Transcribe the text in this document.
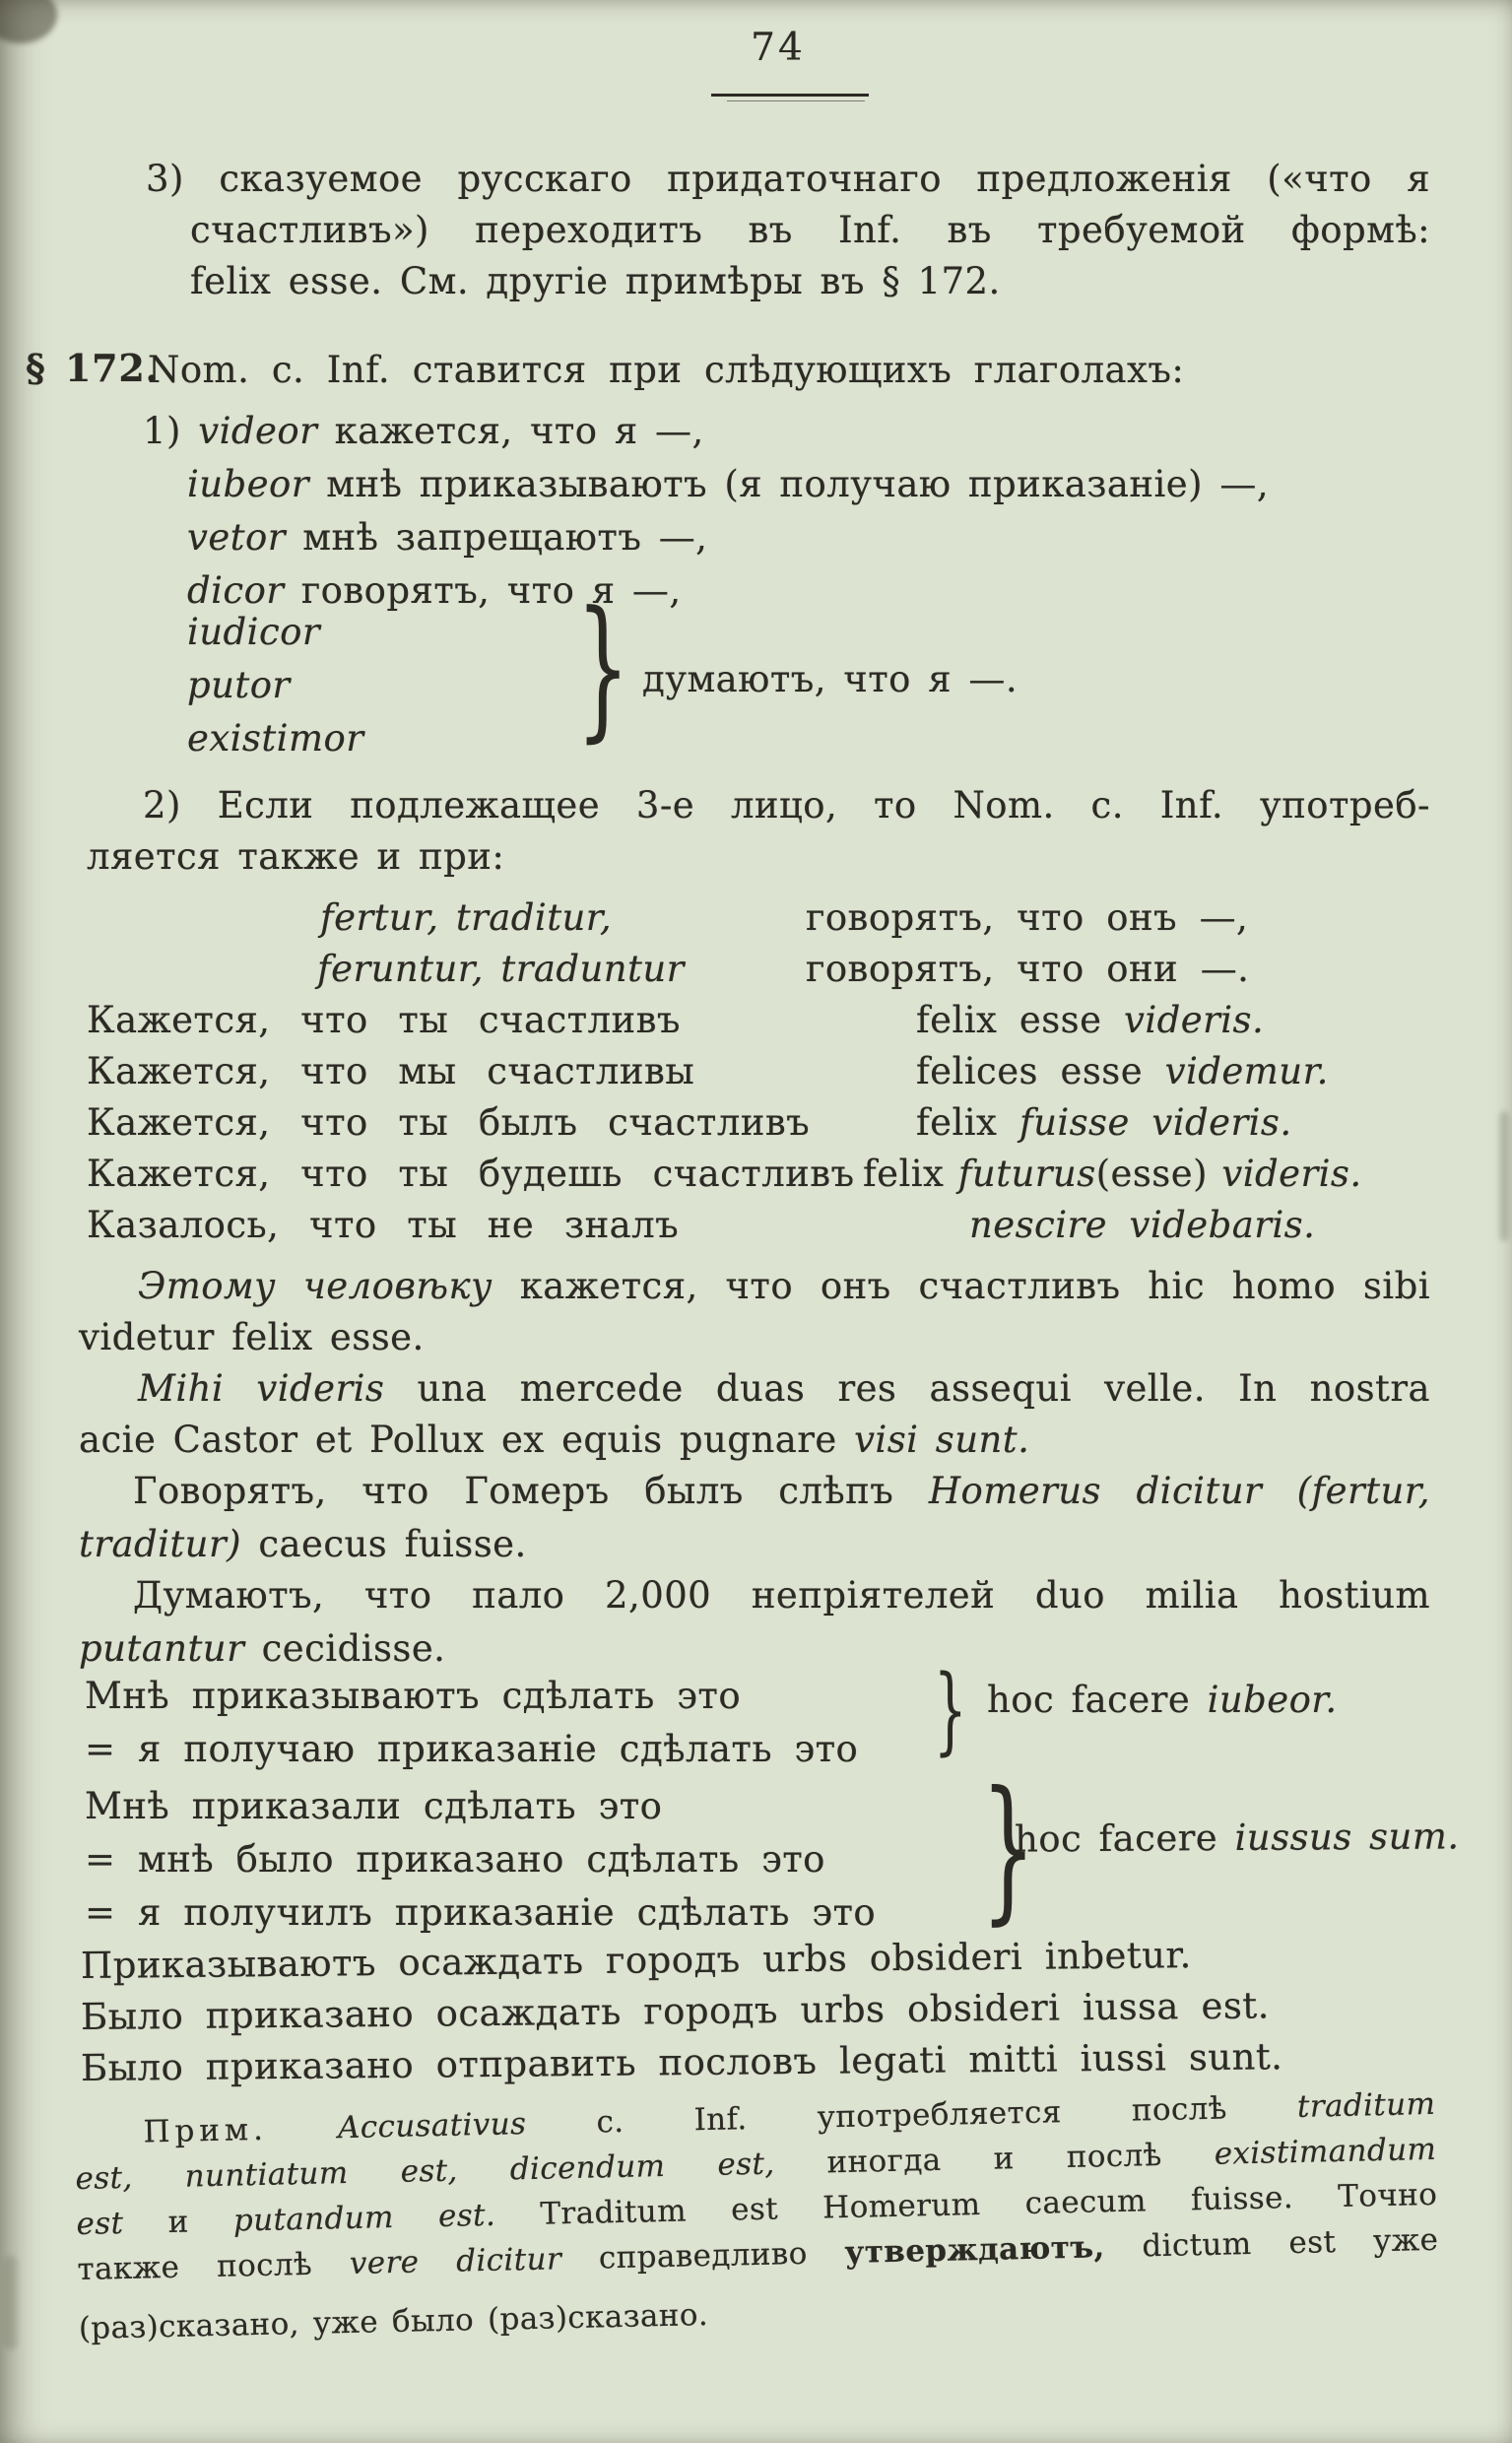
74
3) сказуемое русскаго придаточнаго предложенія («что я
счастливъ») переходитъ въ Inf. въ требуемой формѣ:
felix esse. См. другіе примѣры въ § 172.
§ 172.
Nom. c. Inf. ставится при слѣдующихъ глаголахъ:
1) videor кажется, что я —,
iubeor мнѣ приказываютъ (я получаю приказаніе) —,
vetor мнѣ запрещаютъ —,
dicor говорятъ, что я —,
iudicor
putor
existimor } думаютъ, что я —.
2) Если подлежащее 3-е лицо, то Nom. c. Inf. употреб-
ляется также и при:
fertur, traditur,	говорятъ, что онъ —,
feruntur, traduntur	говорятъ, что они —.
Кажется, что ты счастливъ	felix esse videris.
Кажется, что мы счастливы	felices esse videmur.
Кажется, что ты былъ счастливъ	felix fuisse videris.
Кажется, что ты будешь счастливъ felix futurus(esse) videris.
Казалось, что ты не зналъ	nescire videbaris.
Этому человѣку кажется, что онъ счастливъ hic homo sibi
videtur felix esse.
Mihi videris una mercede duas res assequi velle. In nostra
acie Castor et Pollux ex equis pugnare visi sunt.
Говорятъ, что Гомеръ былъ слѣпъ Homerus dicitur (fertur,
traditur) caecus fuisse.
Думаютъ, что пало 2,000 непріятелей duo milia hostium
putantur cecidisse.
Мнѣ приказываютъ сдѣлать это
= я получаю приказаніе сдѣлать это } hoc facere iubeor.
Мнѣ приказали сдѣлать это
= мнѣ было приказано сдѣлать это
= я получилъ приказаніе сдѣлать это }
hoc facere iussus sum.
Приказываютъ осаждать городъ urbs obsideri inbetur.
Было приказано осаждать городъ urbs obsideri iussa est.
Было приказано отправить пословъ legati mitti iussi sunt.
Прим. Accusativus c. Inf. употребляется послѣ traditum
est, nuntiatum est, dicendum est, иногда и послѣ existimandum
est и putandum est. Traditum est Homerum caecum fuisse. Точно
также послѣ vere dicitur справедливо утверждаютъ, dictum est уже
(раз)сказано, уже было (раз)сказано.
